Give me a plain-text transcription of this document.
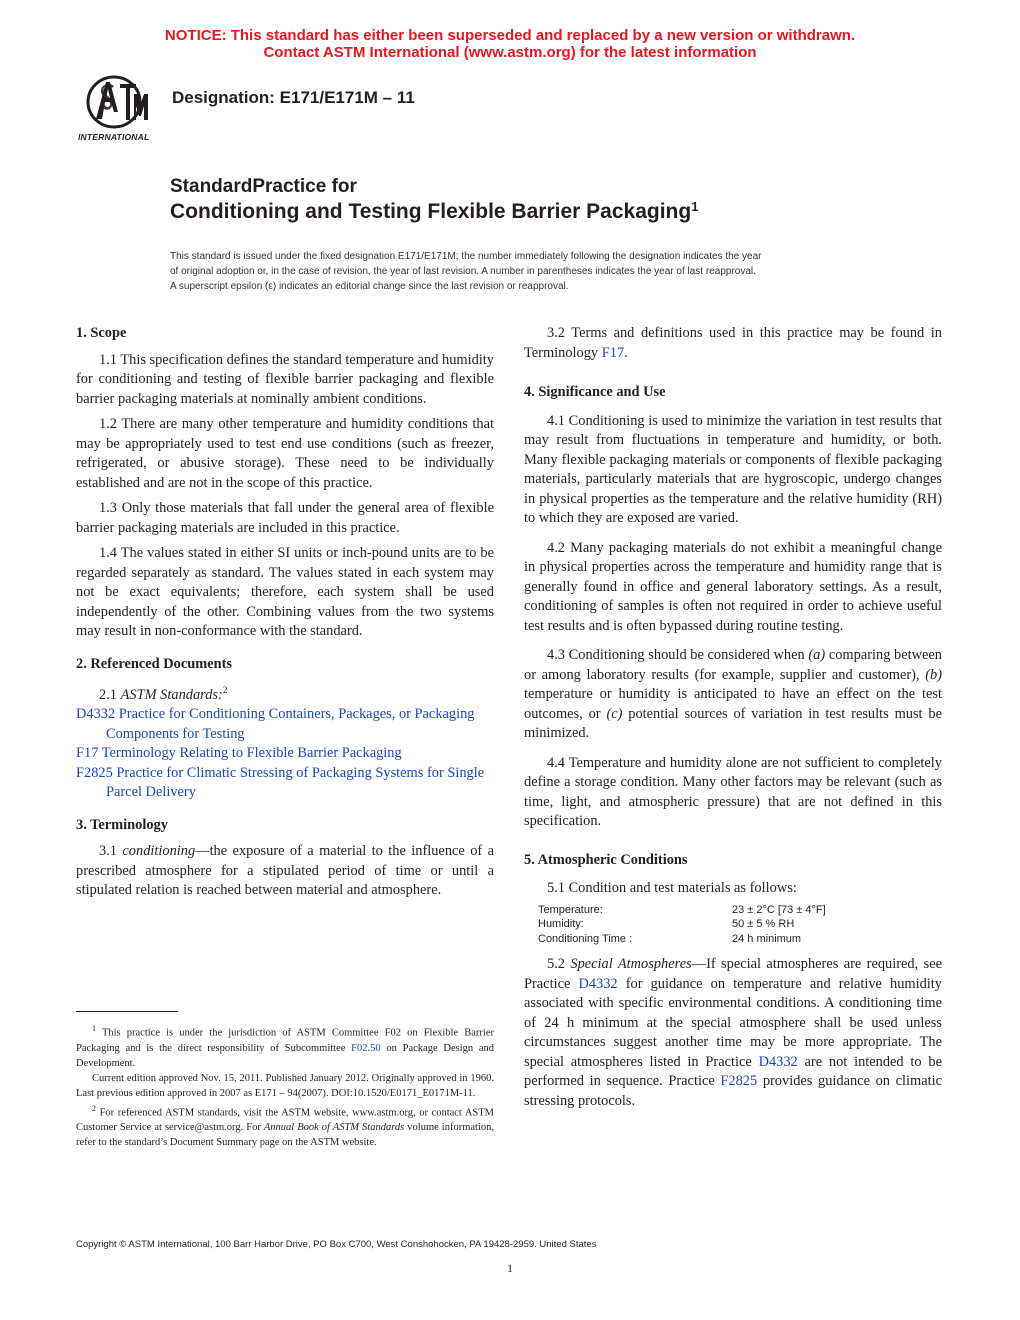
NOTICE: This standard has either been superseded and replaced by a new version or withdrawn.
Contact ASTM International (www.astm.org) for the latest information
INTERNATIONAL
Designation: E171/E171M – 11
StandardPractice for
Conditioning and Testing Flexible Barrier Packaging$^1$
This standard is issued under the fixed designation E171/E171M; the number immediately following the designation indicates the year
of original adoption or, in the case of revision, the year of last revision. A number in parentheses indicates the year of last reapproval.
A superscript epsilon (ε) indicates an editorial change since the last revision or reapproval.
1. Scope

1.1 This specification defines the standard temperature and humidity for conditioning and testing of flexible barrier packaging and flexible barrier packaging materials at nominally ambient conditions.

1.2 There are many other temperature and humidity conditions that may be appropriately used to test end use conditions (such as freezer, refrigerated, or abusive storage). These need to be individually established and are not in the scope of this practice.

1.3 Only those materials that fall under the general area of flexible barrier packaging materials are included in this practice.

1.4 The values stated in either SI units or inch-pound units are to be regarded separately as standard. The values stated in each system may not be exact equivalents; therefore, each system shall be used independently of the other. Combining values from the two systems may result in non-conformance with the standard.

2. Referenced Documents

2.1 ASTM Standards:$^2$

D4332 Practice for Conditioning Containers, Packages, or Packaging Components for Testing

F17 Terminology Relating to Flexible Barrier Packaging

F2825 Practice for Climatic Stressing of Packaging Systems for Single Parcel Delivery

3. Terminology

3.1 conditioning—the exposure of a material to the influence of a prescribed atmosphere for a stipulated period of time or until a stipulated relation is reached between material and atmosphere.

3.2 Terms and definitions used in this practice may be found in Terminology F17.

4. Significance and Use

4.1 Conditioning is used to minimize the variation in test results that may result from fluctuations in temperature and humidity, or both. Many flexible packaging materials or components of flexible packaging materials, particularly materials that are hygroscopic, undergo changes in physical properties as the temperature and the relative humidity (RH) to which they are exposed are varied.

4.2 Many packaging materials do not exhibit a meaningful change in physical properties across the temperature and humidity range that is generally found in office and general laboratory settings. As a result, conditioning of samples is often not required in order to achieve useful test results and is often bypassed during routine testing.

4.3 Conditioning should be considered when (a) comparing between or among laboratory results (for example, supplier and customer), (b) temperature or humidity is anticipated to have an effect on the test outcomes, or (c) potential sources of variation in test results must be minimized.

4.4 Temperature and humidity alone are not sufficient to completely define a storage condition. Many other factors may be relevant (such as time, light, and atmospheric pressure) that are not defined in this specification.

5. Atmospheric Conditions

5.1 Condition and test materials as follows:

Temperature:	23 ± 2°C [73 ± 4°F]
Humidity:	50 ± 5 % RH
Conditioning Time :	24 h minimum

5.2 Special Atmospheres—If special atmospheres are required, see Practice D4332 for guidance on temperature and relative humidity associated with specific environmental conditions. A conditioning time of 24 h minimum at the special atmosphere shall be used unless circumstances suggest another time may be more appropriate. The special atmospheres listed in Practice D4332 are not intended to be performed in sequence. Practice F2825 provides guidance on climatic stressing protocols.

$^1$ This practice is under the jurisdiction of ASTM Committee F02 on Flexible Barrier Packaging and is the direct responsibility of Subcommittee F02.50 on Package Design and Development.

Current edition approved Nov. 15, 2011. Published January 2012. Originally approved in 1960. Last previous edition approved in 2007 as E171 – 94(2007). DOI:10.1520/E0171_E0171M-11.

$^2$ For referenced ASTM standards, visit the ASTM website, www.astm.org, or contact ASTM Customer Service at service@astm.org. For Annual Book of ASTM Standards volume information, refer to the standard’s Document Summary page on the ASTM website.

Copyright © ASTM International, 100 Barr Harbor Drive, PO Box C700, West Conshohocken, PA 19428-2959. United States
1
